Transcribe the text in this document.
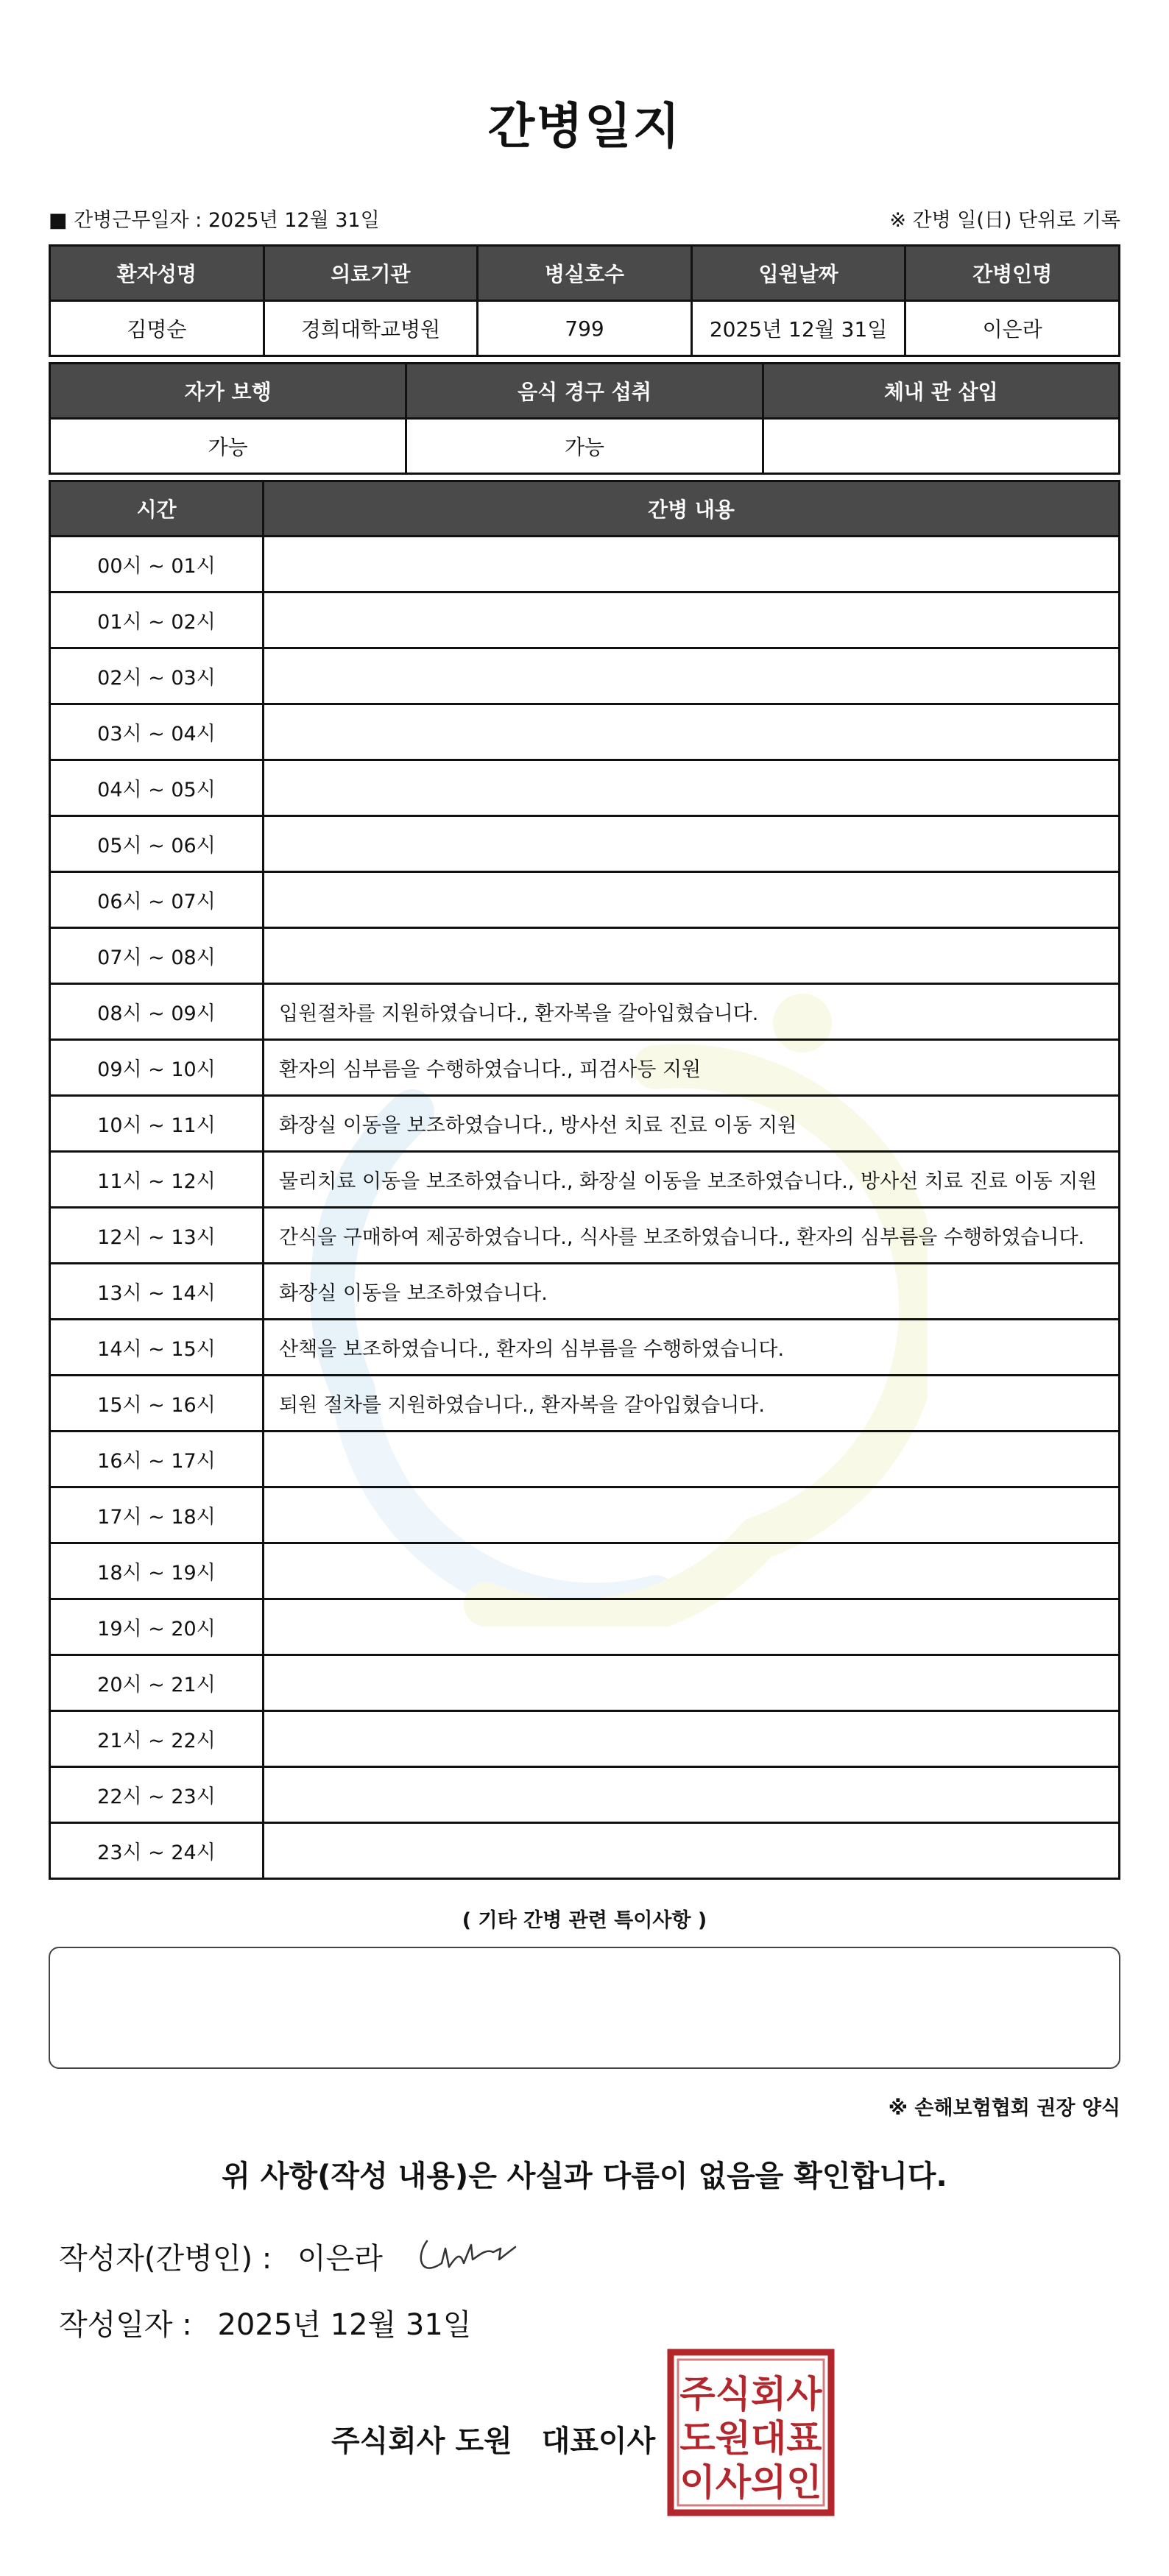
간병일지
■ 간병근무일자 : 2025년 12월 31일	※ 간병 일(日) 단위로 기록
환자성명	의료기관	병실호수	입원날짜	간병인명
김명순	경희대학교병원	799	2025년 12월 31일	이은라
자가 보행	음식 경구 섭취	체내 관 삽입
가능	가능	
시간	간병 내용
00시 ~ 01시	
01시 ~ 02시	
02시 ~ 03시	
03시 ~ 04시	
04시 ~ 05시	
05시 ~ 06시	
06시 ~ 07시	
07시 ~ 08시	
08시 ~ 09시	입원절차를 지원하였습니다., 환자복을 갈아입혔습니다.
09시 ~ 10시	환자의 심부름을 수행하였습니다., 피검사등 지원
10시 ~ 11시	화장실 이동을 보조하였습니다., 방사선 치료 진료 이동 지원
11시 ~ 12시	물리치료 이동을 보조하였습니다., 화장실 이동을 보조하였습니다., 방사선 치료 진료 이동 지원
12시 ~ 13시	간식을 구매하여 제공하였습니다., 식사를 보조하였습니다., 환자의 심부름을 수행하였습니다.
13시 ~ 14시	화장실 이동을 보조하였습니다.
14시 ~ 15시	산책을 보조하였습니다., 환자의 심부름을 수행하였습니다.
15시 ~ 16시	퇴원 절차를 지원하였습니다., 환자복을 갈아입혔습니다.
16시 ~ 17시	
17시 ~ 18시	
18시 ~ 19시	
19시 ~ 20시	
20시 ~ 21시	
21시 ~ 22시	
22시 ~ 23시	
23시 ~ 24시	
( 기타 간병 관련 특이사항 )
※ 손해보험협회 권장 양식
위 사항(작성 내용)은 사실과 다름이 없음을 확인합니다.
작성자(간병인) : 이은라
작성일자 : 2025년 12월 31일
주식회사 도원 대표이사
주식회사
도원대표
이사의인
